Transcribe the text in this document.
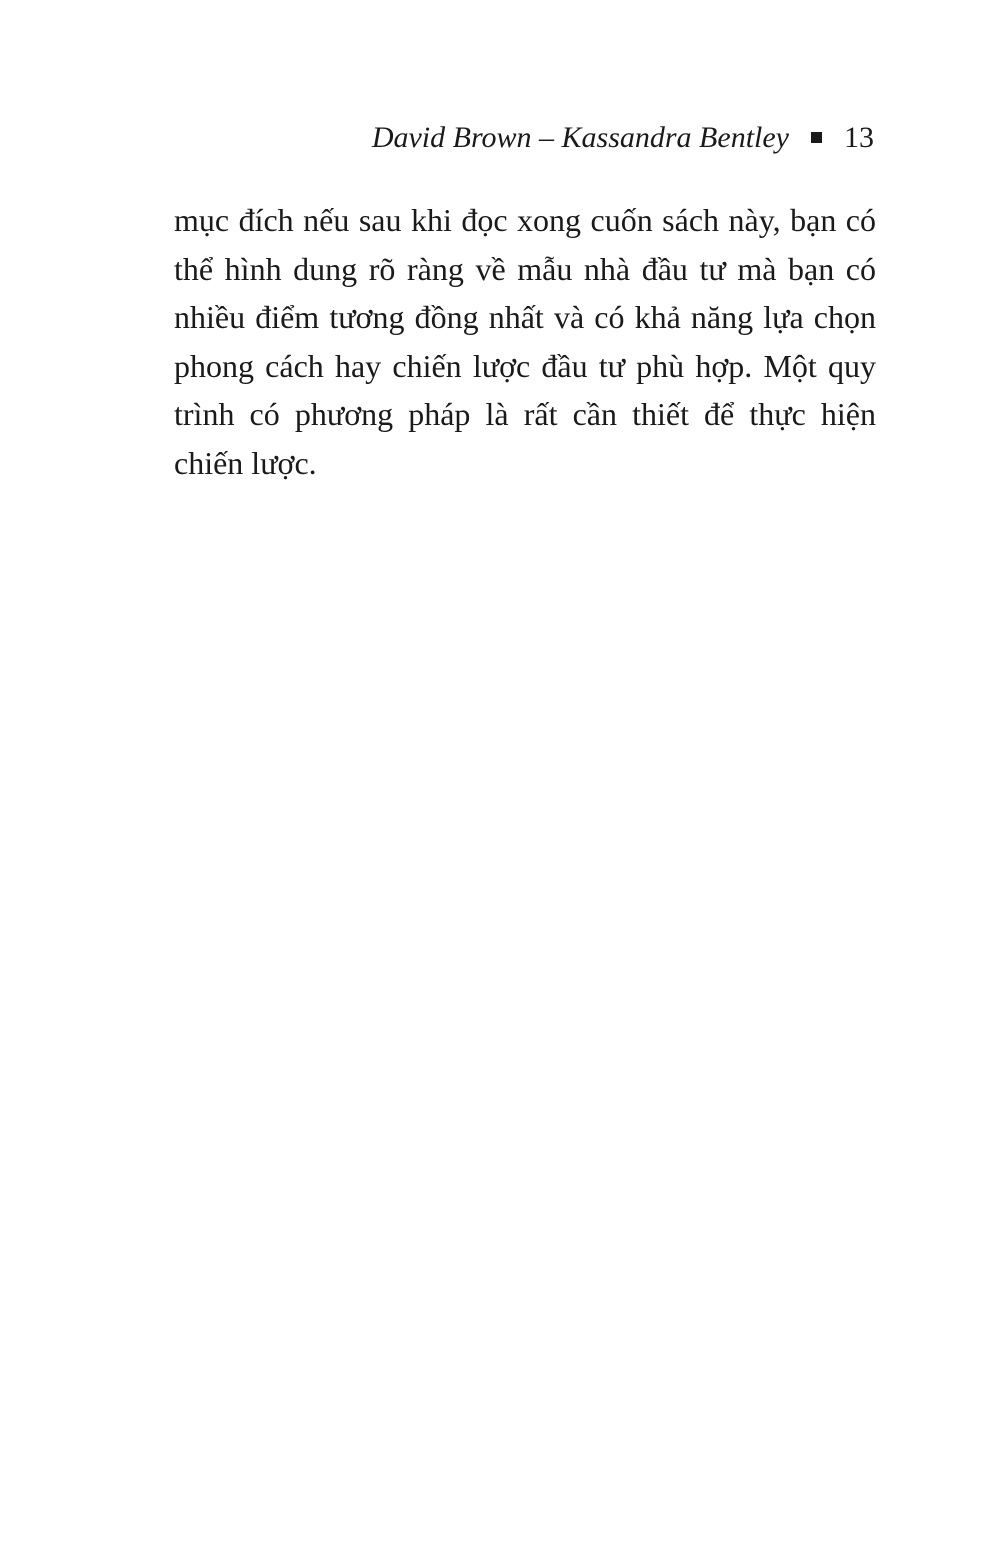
David Brown – Kassandra Bentley 13

mục đích nếu sau khi đọc xong cuốn sách này, bạn có
thể hình dung rõ ràng về mẫu nhà đầu tư mà bạn có
nhiều điểm tương đồng nhất và có khả năng lựa chọn
phong cách hay chiến lược đầu tư phù hợp. Một quy
trình có phương pháp là rất cần thiết để thực hiện
chiến lược.
